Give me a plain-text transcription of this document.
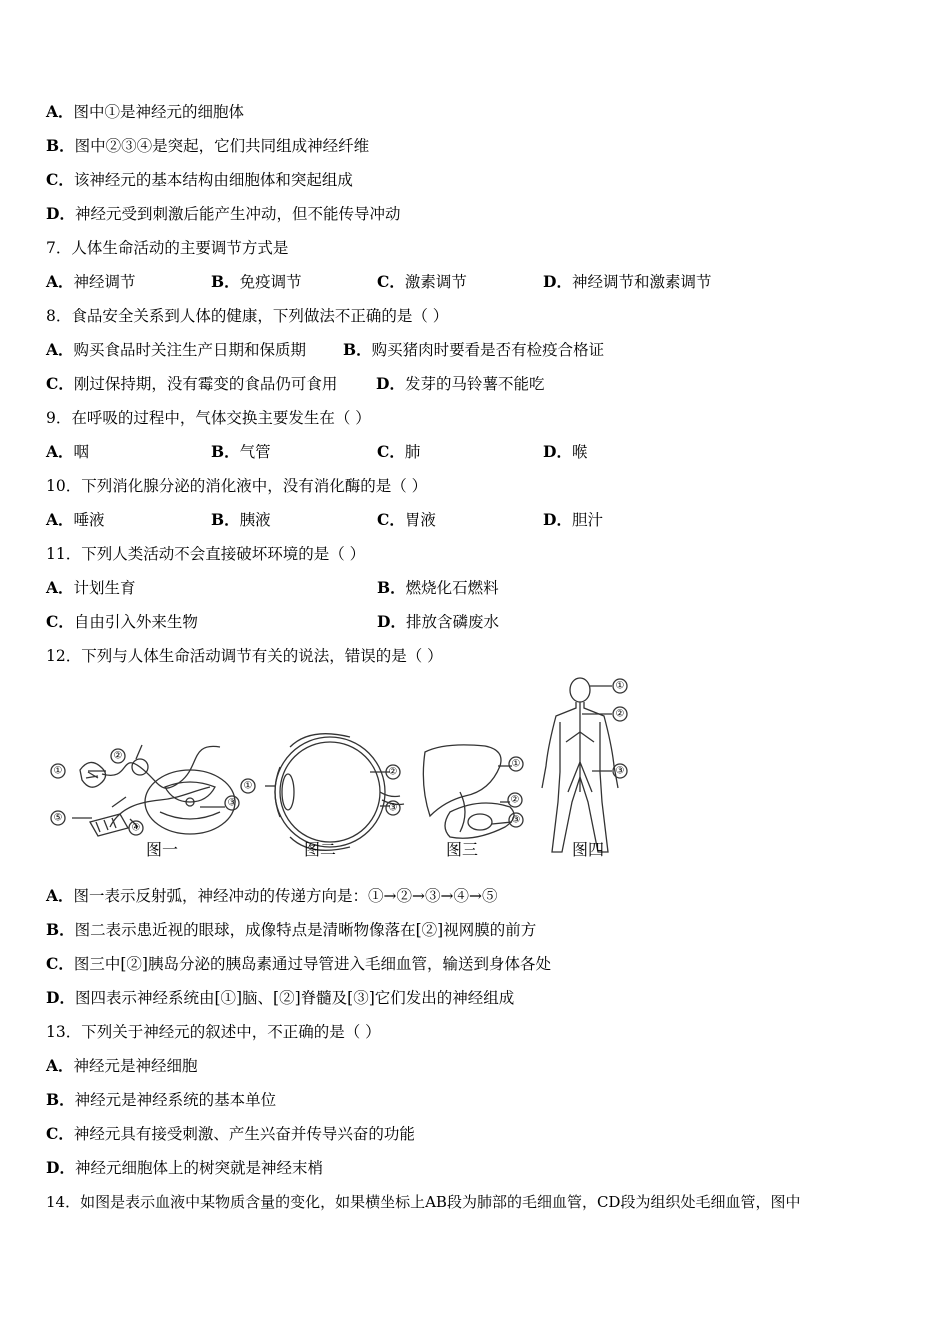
A．图中①是神经元的细胞体
B．图中②③④是突起，它们共同组成神经纤维
C．该神经元的基本结构由细胞体和突起组成
D．神经元受到刺激后能产生冲动，但不能传导冲动
7．人体生命活动的主要调节方式是
A．神经调节	B．免疫调节	C．激素调节	D．神经调节和激素调节
8．食品安全关系到人体的健康，下列做法不正确的是（ ）
A．购买食品时关注生产日期和保质期 B．购买猪肉时要看是否有检疫合格证
C．刚过保持期，没有霉变的食品仍可食用 D．发芽的马铃薯不能吃
9．在呼吸的过程中，气体交换主要发生在（ ）
A．咽	B．气管	C．肺	D．喉
10．下列消化腺分泌的消化液中，没有消化酶的是（ ）
A．唾液	B．胰液	C．胃液	D．胆汁
11．下列人类活动不会直接破坏环境的是（ ）
A．计划生育	B．燃烧化石燃料
C．自由引入外来生物	D．排放含磷废水
12．下列与人体生命活动调节有关的说法，错误的是（ ）
①
②
③
④
⑤
①
②
③
①
②
③
①
②
③
图一	图二	图三	图四
A．图一表示反射弧，神经冲动的传递方向是：①→②→③→④→⑤
B．图二表示患近视的眼球，成像特点是清晰物像落在[②]视网膜的前方
C．图三中[②]胰岛分泌的胰岛素通过导管进入毛细血管，输送到身体各处
D．图四表示神经系统由[①]脑、[②]脊髓及[③]它们发出的神经组成
13．下列关于神经元的叙述中，不正确的是（ ）
A．神经元是神经细胞
B．神经元是神经系统的基本单位
C．神经元具有接受刺激、产生兴奋并传导兴奋的功能
D．神经元细胞体上的树突就是神经末梢
14．如图是表示血液中某物质含量的变化，如果横坐标上AB段为肺部的毛细血管，CD段为组织处毛细血管，图中
